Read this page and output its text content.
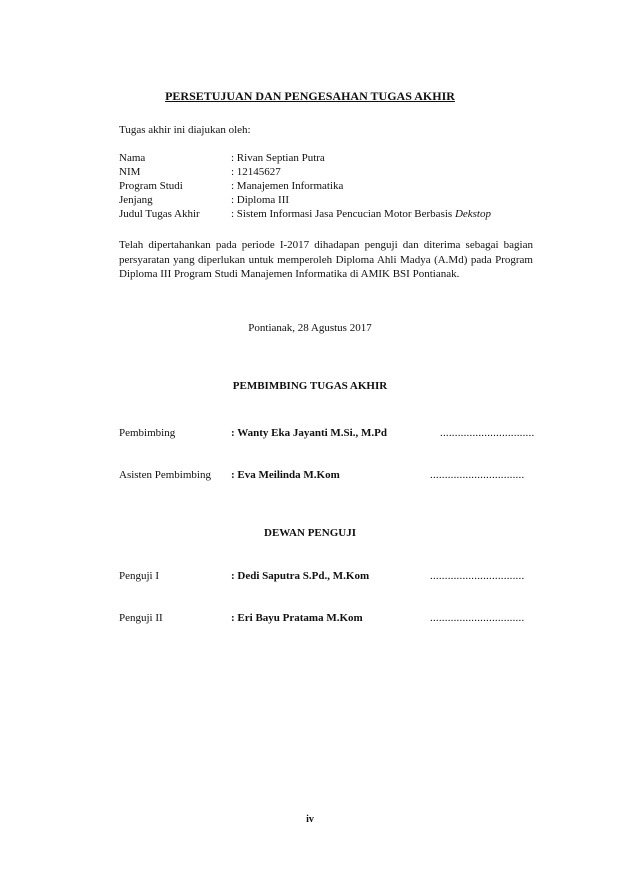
PERSETUJUAN DAN PENGESAHAN TUGAS AKHIR
Tugas akhir ini diajukan oleh:
Nama	: Rivan Septian Putra
NIM	: 12145627
Program Studi	: Manajemen Informatika
Jenjang	: Diploma III
Judul Tugas Akhir	: Sistem Informasi Jasa Pencucian Motor Berbasis Dekstop
Telah dipertahankan pada periode I-2017 dihadapan penguji dan diterima sebagai bagian persyaratan yang diperlukan untuk memperoleh Diploma Ahli Madya (A.Md) pada Program Diploma III Program Studi Manajemen Informatika di AMIK BSI Pontianak.
Pontianak, 28 Agustus 2017
PEMBIMBING TUGAS AKHIR
Pembimbing	: Wanty Eka Jayanti M.Si., M.Pd	................................
Asisten Pembimbing : Eva Meilinda M.Kom	................................
DEWAN PENGUJI
Penguji I	: Dedi Saputra S.Pd., M.Kom	................................
Penguji II	: Eri Bayu Pratama M.Kom	................................
iv
